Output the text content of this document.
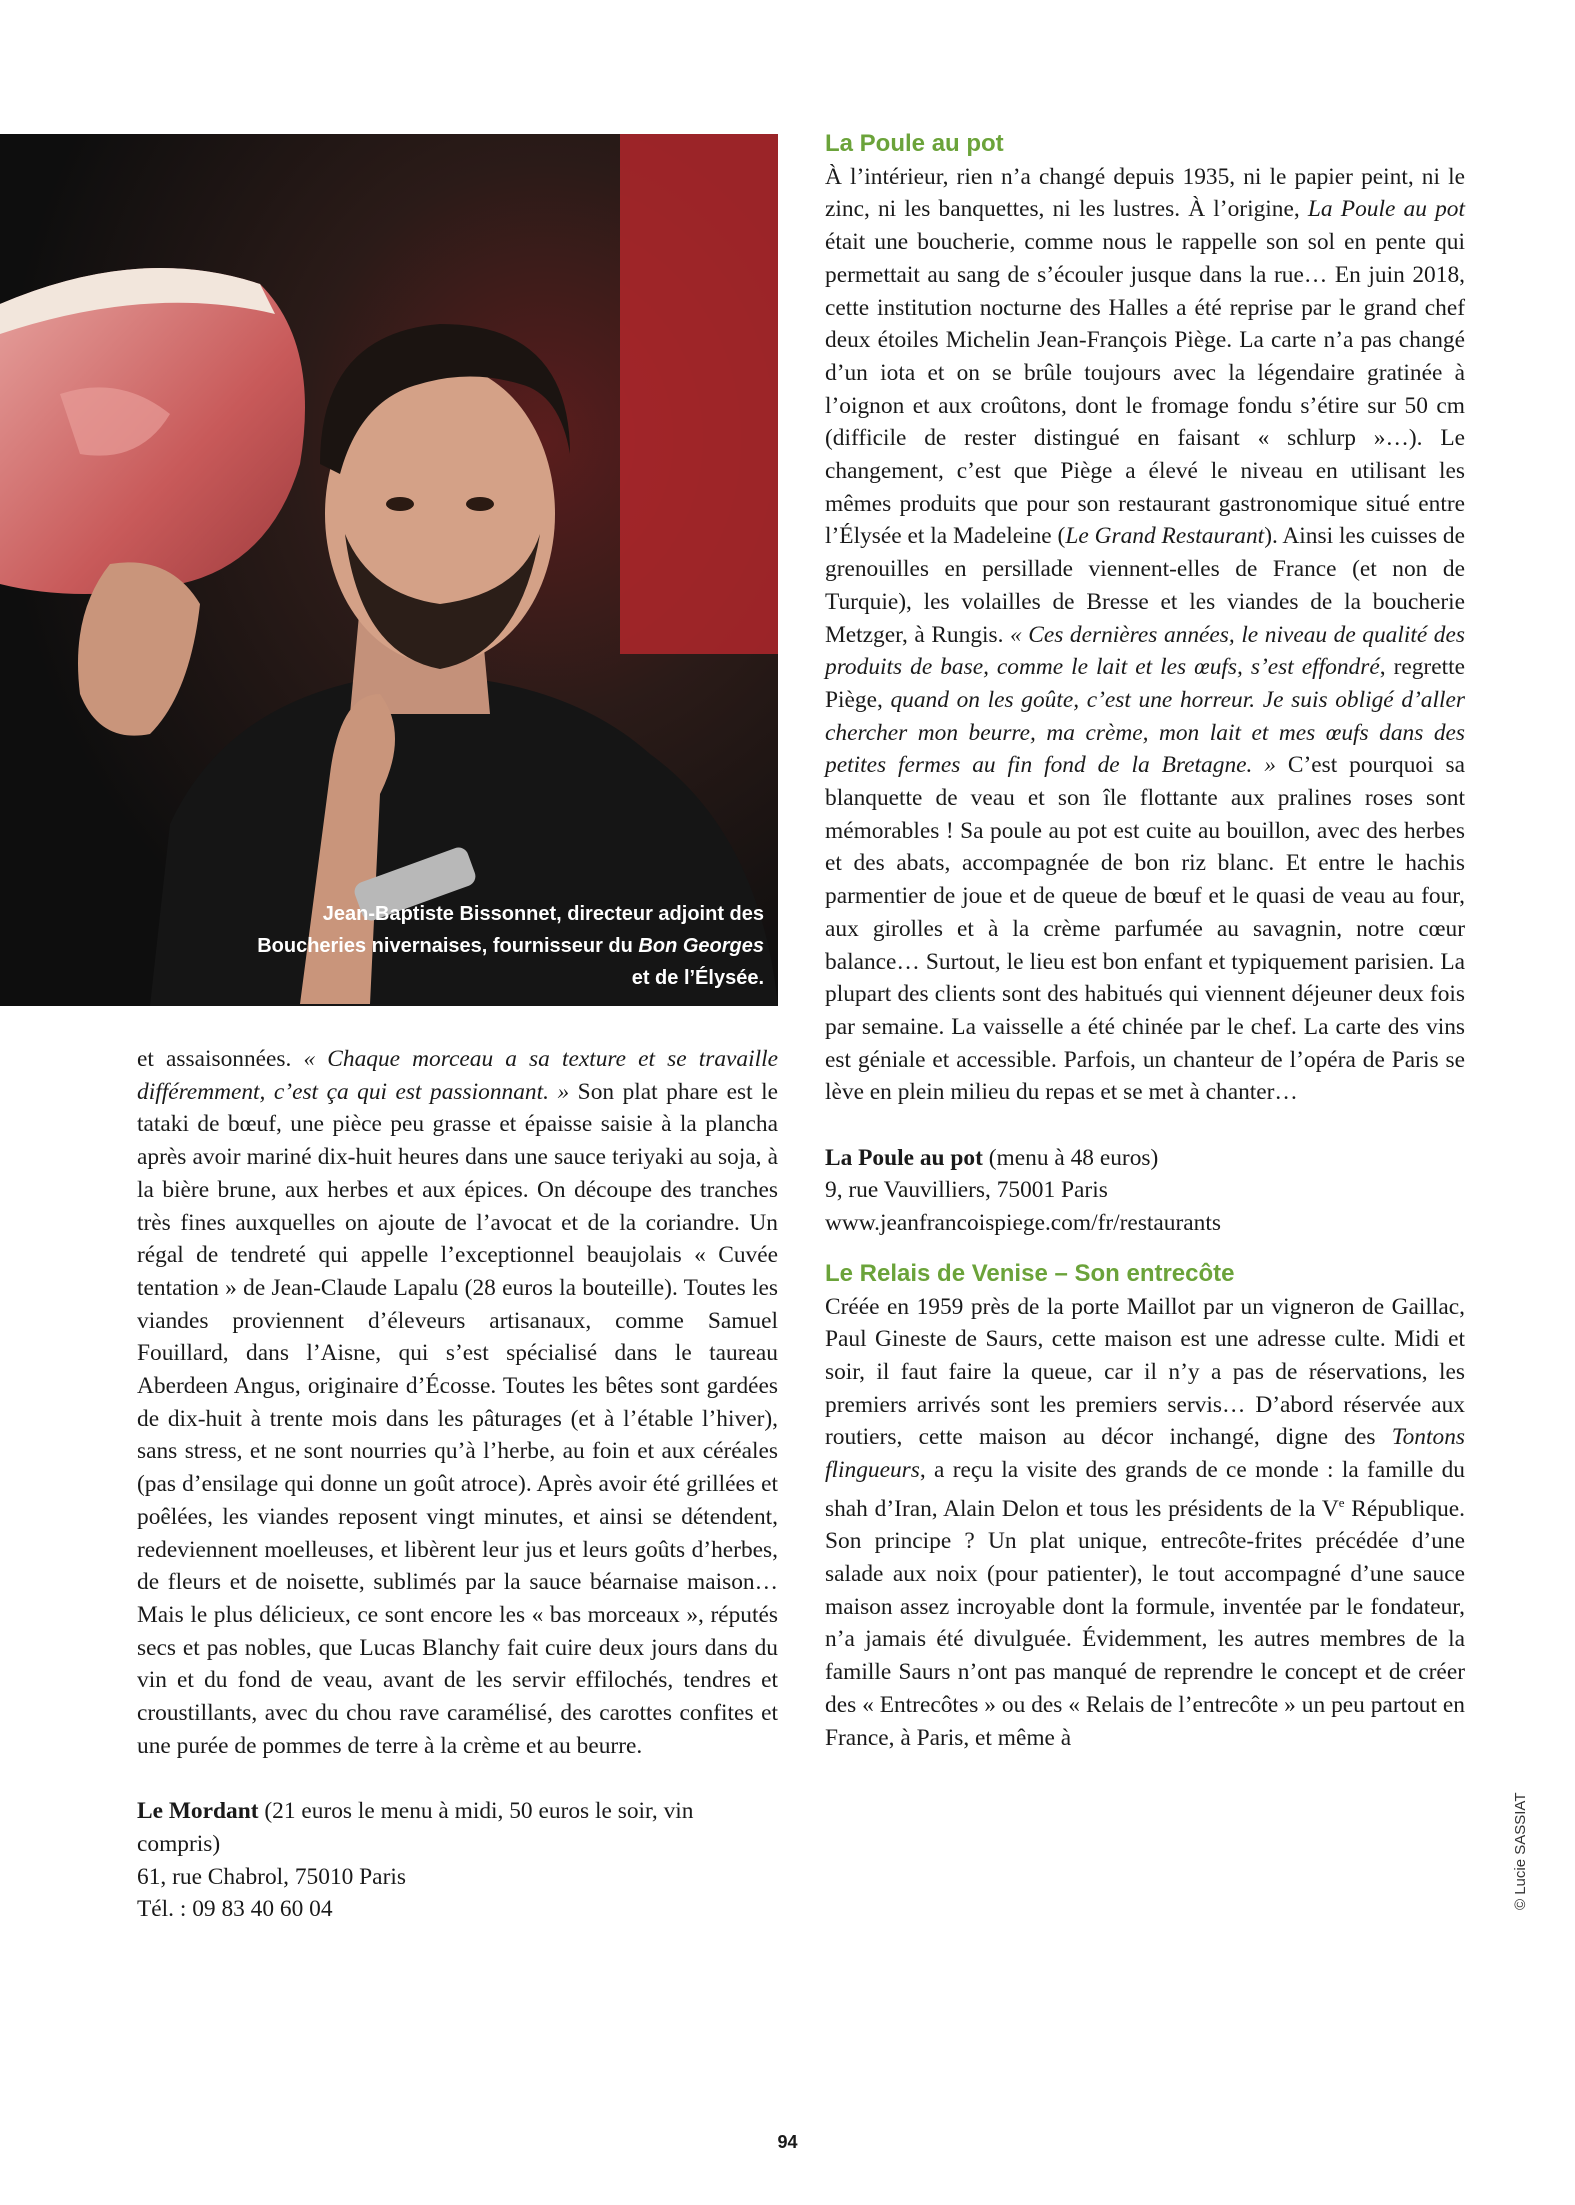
Jean-Baptiste Bissonnet, directeur adjoint des
Boucheries nivernaises, fournisseur du Bon Georges
et de l’Élysée.

et assaisonnées. « Chaque morceau a sa texture et se travaille différemment, c’est ça qui est passionnant. » Son plat phare est le tataki de bœuf, une pièce peu grasse et épaisse saisie à la plancha après avoir mariné dix-huit heures dans une sauce teriyaki au soja, à la bière brune, aux herbes et aux épices. On découpe des tranches très fines auxquelles on ajoute de l’avocat et de la coriandre. Un régal de tendreté qui appelle l’exceptionnel beaujolais « Cuvée tentation » de Jean-Claude Lapalu (28 euros la bouteille). Toutes les viandes proviennent d’éleveurs artisanaux, comme Samuel Fouillard, dans l’Aisne, qui s’est spécialisé dans le taureau Aberdeen Angus, originaire d’Écosse. Toutes les bêtes sont gardées de dix-huit à trente mois dans les pâturages (et à l’étable l’hiver), sans stress, et ne sont nourries qu’à l’herbe, au foin et aux céréales (pas d’ensilage qui donne un goût atroce). Après avoir été grillées et poêlées, les viandes reposent vingt minutes, et ainsi se détendent, redeviennent moelleuses, et libèrent leur jus et leurs goûts d’herbes, de fleurs et de noisette, sublimés par la sauce béarnaise maison… Mais le plus délicieux, ce sont encore les « bas morceaux », réputés secs et pas nobles, que Lucas Blanchy fait cuire deux jours dans du vin et du fond de veau, avant de les servir effilochés, tendres et croustillants, avec du chou rave caramélisé, des carottes confites et une purée de pommes de terre à la crème et au beurre.

Le Mordant (21 euros le menu à midi, 50 euros le soir, vin compris)

61, rue Chabrol, 75010 Paris

Tél. : 09 83 40 60 04

La Poule au pot

À l’intérieur, rien n’a changé depuis 1935, ni le papier peint, ni le zinc, ni les banquettes, ni les lustres. À l’origine, La Poule au pot était une boucherie, comme nous le rappelle son sol en pente qui permettait au sang de s’écouler jusque dans la rue… En juin 2018, cette institution nocturne des Halles a été reprise par le grand chef deux étoiles Michelin Jean-François Piège. La carte n’a pas changé d’un iota et on se brûle toujours avec la légendaire gratinée à l’oignon et aux croûtons, dont le fromage fondu s’étire sur 50 cm (difficile de rester distingué en faisant « schlurp »…). Le changement, c’est que Piège a élevé le niveau en utilisant les mêmes produits que pour son restaurant gastronomique situé entre l’Élysée et la Madeleine (Le Grand Restaurant). Ainsi les cuisses de grenouilles en persillade viennent-elles de France (et non de Turquie), les volailles de Bresse et les viandes de la boucherie Metzger, à Rungis. « Ces dernières années, le niveau de qualité des produits de base, comme le lait et les œufs, s’est effondré, regrette Piège, quand on les goûte, c’est une horreur. Je suis obligé d’aller chercher mon beurre, ma crème, mon lait et mes œufs dans des petites fermes au fin fond de la Bretagne. » C’est pourquoi sa blanquette de veau et son île flottante aux pralines roses sont mémorables ! Sa poule au pot est cuite au bouillon, avec des herbes et des abats, accompagnée de bon riz blanc. Et entre le hachis parmentier de joue et de queue de bœuf et le quasi de veau au four, aux girolles et à la crème parfumée au savagnin, notre cœur balance… Surtout, le lieu est bon enfant et typiquement parisien. La plupart des clients sont des habitués qui viennent déjeuner deux fois par semaine. La vaisselle a été chinée par le chef. La carte des vins est géniale et accessible. Parfois, un chanteur de l’opéra de Paris se lève en plein milieu du repas et se met à chanter…

La Poule au pot (menu à 48 euros)

9, rue Vauvilliers, 75001 Paris

www.jeanfrancoispiege.com/fr/restaurants

Le Relais de Venise – Son entrecôte

Créée en 1959 près de la porte Maillot par un vigneron de Gaillac, Paul Gineste de Saurs, cette maison est une adresse culte. Midi et soir, il faut faire la queue, car il n’y a pas de réservations, les premiers arrivés sont les premiers servis… D’abord réservée aux routiers, cette maison au décor inchangé, digne des Tontons flingueurs, a reçu la visite des grands de ce monde : la famille du shah d’Iran, Alain Delon et tous les présidents de la Ve République. Son principe ? Un plat unique, entrecôte-frites précédée d’une salade aux noix (pour patienter), le tout accompagné d’une sauce maison assez incroyable dont la formule, inventée par le fondateur, n’a jamais été divulguée. Évidemment, les autres membres de la famille Saurs n’ont pas manqué de reprendre le concept et de créer des « Entrecôtes » ou des « Relais de l’entrecôte » un peu partout en France, à Paris, et même à

© Lucie SASSIAT
94
